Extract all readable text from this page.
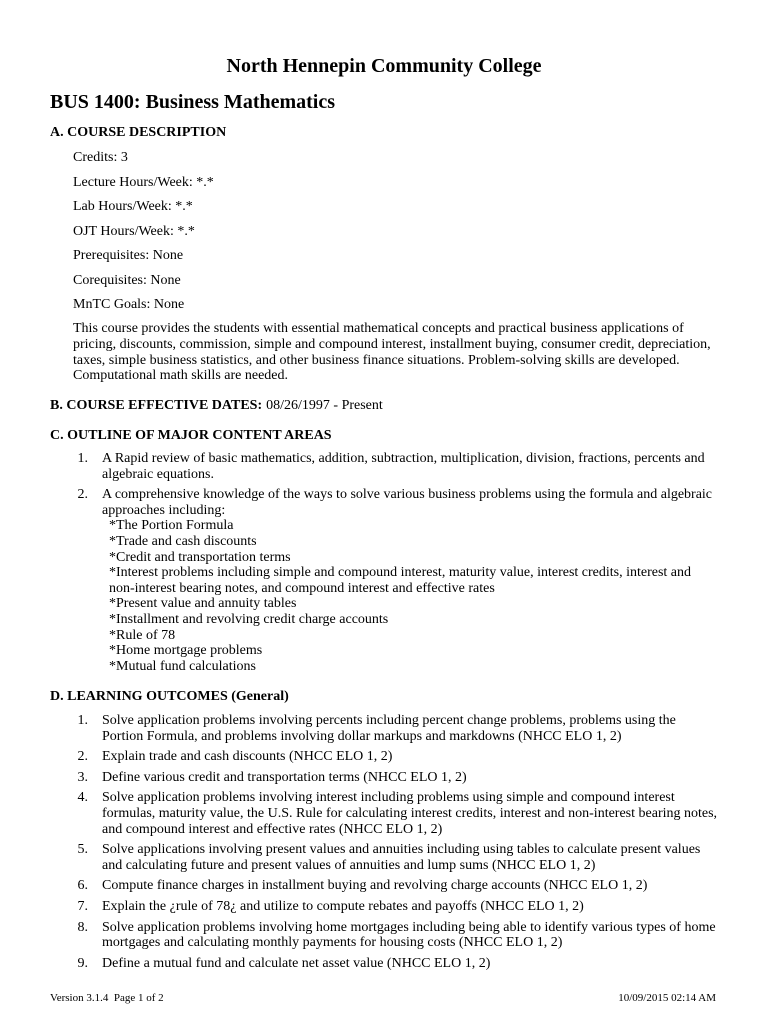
North Hennepin Community College
BUS 1400: Business Mathematics
A. COURSE DESCRIPTION
Credits: 3
Lecture Hours/Week: *.*
Lab Hours/Week: *.*
OJT Hours/Week: *.*
Prerequisites: None
Corequisites: None
MnTC Goals: None

This course provides the students with essential mathematical concepts and practical business applications of pricing, discounts, commission, simple and compound interest, installment buying, consumer credit, depreciation, taxes, simple business statistics, and other business finance situations. Problem-solving skills are developed. Computational math skills are needed.

B. COURSE EFFECTIVE DATES: 08/26/1997 - Present
C. OUTLINE OF MAJOR CONTENT AREAS
1. A Rapid review of basic mathematics, addition, subtraction, multiplication, division, fractions, percents and algebraic equations.
2. A comprehensive knowledge of the ways to solve various business problems using the formula and algebraic approaches including:
*The Portion Formula
*Trade and cash discounts
*Credit and transportation terms
*Interest problems including simple and compound interest, maturity value, interest credits, interest and non-interest bearing notes, and compound interest and effective rates
*Present value and annuity tables
*Installment and revolving credit charge accounts
*Rule of 78
*Home mortgage problems
*Mutual fund calculations
D. LEARNING OUTCOMES (General)
1. Solve application problems involving percents including percent change problems, problems using the Portion Formula, and problems involving dollar markups and markdowns (NHCC ELO 1, 2)
2. Explain trade and cash discounts (NHCC ELO 1, 2)
3. Define various credit and transportation terms (NHCC ELO 1, 2)
4. Solve application problems involving interest including problems using simple and compound interest formulas, maturity value, the U.S. Rule for calculating interest credits, interest and non-interest bearing notes, and compound interest and effective rates (NHCC ELO 1, 2)
5. Solve applications involving present values and annuities including using tables to calculate present values and calculating future and present values of annuities and lump sums (NHCC ELO 1, 2)
6. Compute finance charges in installment buying and revolving charge accounts (NHCC ELO 1, 2)
7. Explain the ¿rule of 78¿ and utilize to compute rebates and payoffs (NHCC ELO 1, 2)
8. Solve application problems involving home mortgages including being able to identify various types of home mortgages and calculating monthly payments for housing costs (NHCC ELO 1, 2)
9. Define a mutual fund and calculate net asset value (NHCC ELO 1, 2)
Version 3.1.4 Page 1 of 2	10/09/2015 02:14 AM
